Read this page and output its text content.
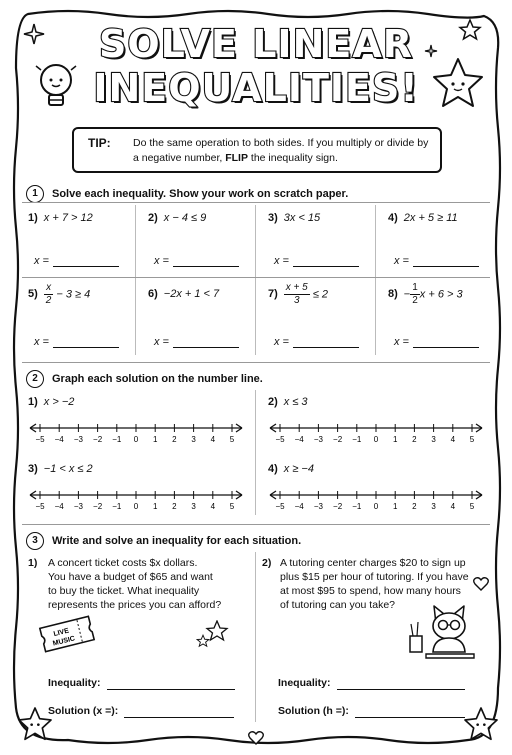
SOLVE LINEAR
INEQUALITIES!
TIP: Do the same operation to both sides. If you multiply or divide by a negative number, FLIP the inequality sign.
1	Solve each inequality. Show your work on scratch paper.
1) x + 7 > 12	2) x − 4 ≤ 9	3) 3x < 15	4) 2x + 5 ≥ 11
x =	x =	x =	x =
$5) \frac{x}{2} - 3 \ge 4$	6) −2x + 1 < 7	$7) \frac{x + 5}{3} \le 2$	$8) - \frac{1}{2}$ x + 6 > 3
x =	x =	x =	x =
2	Graph each solution on the number line.
1) x > −2	2) x ≤ 3
3) −1 < x ≤ 2	4) x ≥ −4
−5 −4 −3 −2 −1 0 1 2 3 4 5	−5 −4 −3 −2 −1 0 1 2 3 4 5
−5 −4 −3 −2 −1 0 1 2 3 4 5	−5 −4 −3 −2 −1 0 1 2 3 4 5
3	Write and solve an inequality for each situation.
1) A concert ticket costs $x dollars.
You have a budget of $65 and want
to buy the ticket. What inequality
represents the prices you can afford?
2) A tutoring center charges $20 to sign up
plus $15 per hour of tutoring. If you have
at most $95 to spend, how many hours
of tutoring can you take?
LIVE
MUSIC
Inequality:
Solution (x =):
Inequality:
Solution (h =):
